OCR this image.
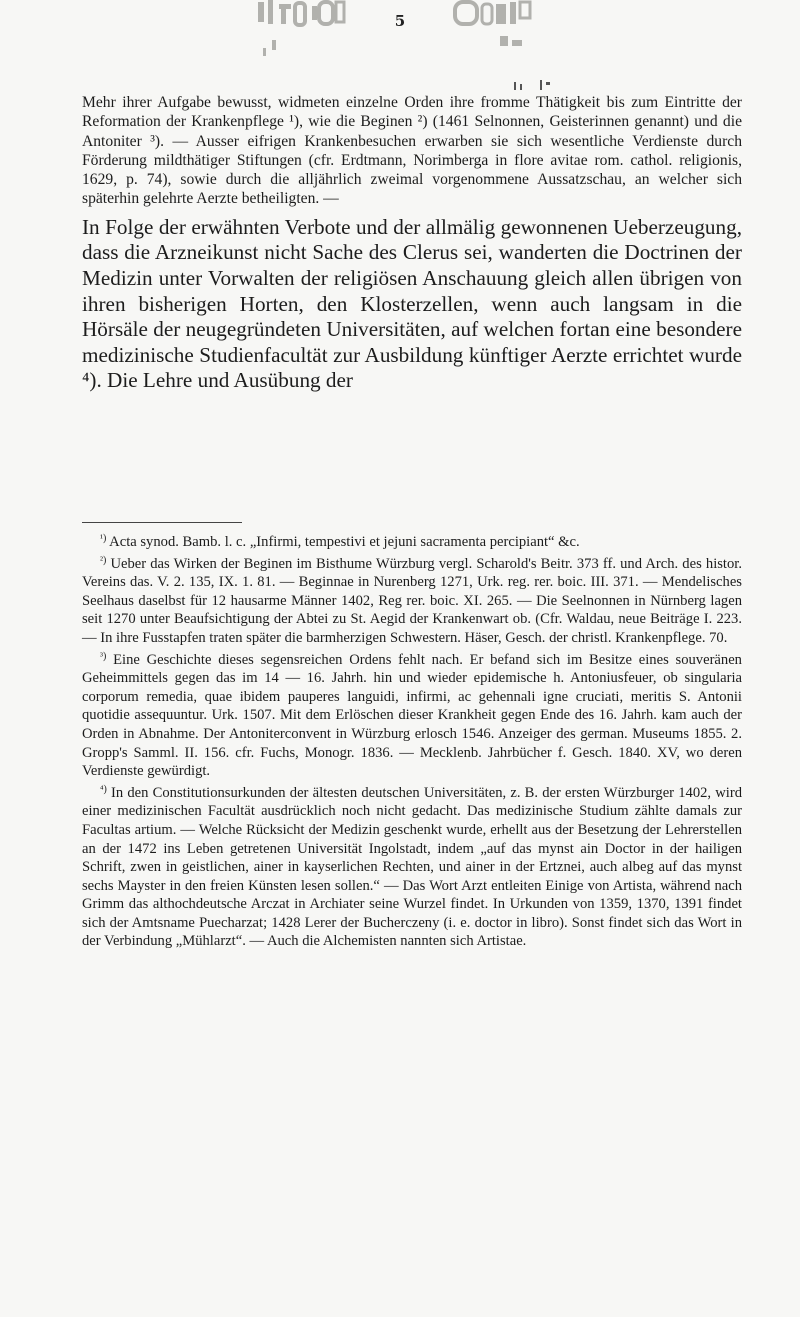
5

Mehr ihrer Aufgabe bewusst, widmeten einzelne Orden ihre fromme Thätigkeit bis zum Eintritte der Reformation der Krankenpflege ¹), wie die Beginen ²) (1461 Selnonnen, Geisterinnen genannt) und die Antoniter ³). — Ausser eifrigen Krankenbesuchen erwarben sie sich wesentliche Verdienste durch Förderung mildthätiger Stiftungen (cfr. Erdtmann, Norimberga in flore avitae rom. cathol. religionis, 1629, p. 74), sowie durch die alljährlich zweimal vorgenommene Aussatzschau, an welcher sich späterhin gelehrte Aerzte betheiligten. —

In Folge der erwähnten Verbote und der allmälig gewonnenen Ueberzeugung, dass die Arzneikunst nicht Sache des Clerus sei, wanderten die Doctrinen der Medizin unter Vorwalten der religiösen Anschauung gleich allen übrigen von ihren bisherigen Horten, den Klosterzellen, wenn auch langsam in die Hörsäle der neugegründeten Universitäten, auf welchen fortan eine besondere medizinische Studienfacultät zur Ausbildung künftiger Aerzte errichtet wurde ⁴). Die Lehre und Ausübung der

$^{^1)}$ Acta synod. Bamb. l. c. „Infirmi, tempestivi et jejuni sacramenta percipiant“ &c.

$^{^2)}$ Ueber das Wirken der Beginen im Bisthume Würzburg vergl. Scharold's Beitr. 373 ff. und Arch. des histor. Vereins das. V. 2. 135, IX. 1. 81. — Beginnae in Nurenberg 1271, Urk. reg. rer. boic. III. 371. — Mendelisches Seelhaus daselbst für 12 hausarme Männer 1402, Reg rer. boic. XI. 265. — Die Seelnonnen in Nürnberg lagen seit 1270 unter Beaufsichtigung der Abtei zu St. Aegid der Krankenwart ob. (Cfr. Waldau, neue Beiträge I. 223. — In ihre Fusstapfen traten später die barmherzigen Schwestern. Häser, Gesch. der christl. Krankenpflege. 70.

$^{^3)}$ Eine Geschichte dieses segensreichen Ordens fehlt nach. Er befand sich im Besitze eines souveränen Geheimmittels gegen das im 14 — 16. Jahrh. hin und wieder epidemische h. Antoniusfeuer, ob singularia corporum remedia, quae ibidem pauperes languidi, infirmi, ac gehennali igne cruciati, meritis S. Antonii quotidie assequuntur. Urk. 1507. Mit dem Erlöschen dieser Krankheit gegen Ende des 16. Jahrh. kam auch der Orden in Abnahme. Der Antoniterconvent in Würzburg erlosch 1546. Anzeiger des german. Museums 1855. 2. Gropp's Samml. II. 156. cfr. Fuchs, Monogr. 1836. — Mecklenb. Jahrbücher f. Gesch. 1840. XV, wo deren Verdienste gewürdigt.

$^{^4)}$ In den Constitutionsurkunden der ältesten deutschen Universitäten, z. B. der ersten Würzburger 1402, wird einer medizinischen Facultät ausdrücklich noch nicht gedacht. Das medizinische Studium zählte damals zur Facultas artium. — Welche Rücksicht der Medizin geschenkt wurde, erhellt aus der Besetzung der Lehrerstellen an der 1472 ins Leben getretenen Universität Ingolstadt, indem „auf das mynst ain Doctor in der hailigen Schrift, zwen in geistlichen, ainer in kayserlichen Rechten, und ainer in der Ertznei, auch albeg auf das mynst sechs Mayster in den freien Künsten lesen sollen.“ — Das Wort Arzt entleiten Einige von Artista, während nach Grimm das althochdeutsche Arczat in Archiater seine Wurzel findet. In Urkunden von 1359, 1370, 1391 findet sich der Amtsname Puecharzat; 1428 Lerer der Bucherczeny (i. e. doctor in libro). Sonst findet sich das Wort in der Verbindung „Mühlarzt“. — Auch die Alchemisten nannten sich Artistae.
